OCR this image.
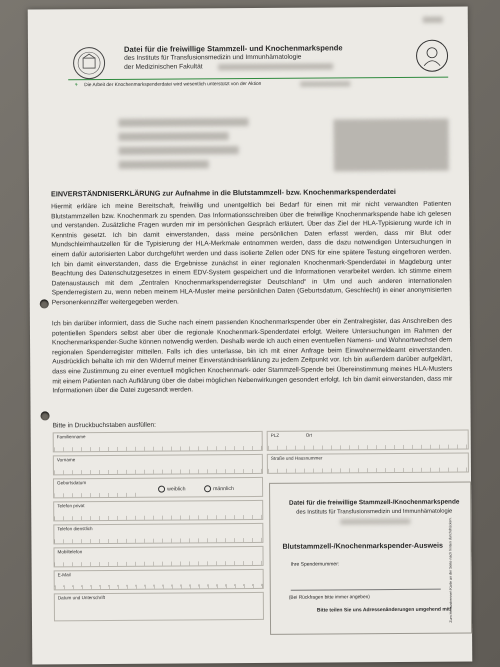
Datei für die freiwillige Stammzell- und Knochenmarkspende
des Instituts für Transfusionsmedizin und Immunhämatologie
der Medizinischen Fakultät
⚘ Die Arbeit der Knochenmarkspenderdatei wird wesentlich unterstützt von der Aktion
EINVERSTÄNDNISERKLÄRUNG zur Aufnahme in die Blutstammzell- bzw. Knochenmarkspenderdatei
Hiermit erkläre ich meine Bereitschaft, freiwillig und unentgeltlich bei Bedarf für einen mit mir nicht verwandten Patienten Blutstammzellen bzw. Knochenmark zu spenden. Das Informationsschreiben über die freiwillige Knochenmarkspende habe ich gelesen und verstanden. Zusätzliche Fragen wurden mir im persönlichen Gespräch erläutert. Über das Ziel der HLA-Typisierung wurde ich in Kenntnis gesetzt. Ich bin damit einverstanden, dass meine persönlichen Daten erfasst werden, dass mir Blut oder Mundschleimhautzellen für die Typisierung der HLA-Merkmale entnommen werden, dass die dazu notwendigen Untersuchungen in einem dafür autorisierten Labor durchgeführt werden und dass isolierte Zellen oder DNS für eine spätere Testung eingefroren werden. Ich bin damit einverstanden, dass die Ergebnisse zunächst in einer regionalen Knochenmark-Spenderdatei in Magdeburg unter Beachtung des Datenschutzgesetzes in einem EDV-System gespeichert und die Informationen verarbeitet werden. Ich stimme einem Datenaustausch mit dem „Zentralen Knochenmarkspenderregister Deutschland“ in Ulm und auch anderen internationalen Spenderregistern zu, wenn neben meinem HLA-Muster meine persönlichen Daten (Geburtsdatum, Geschlecht) in einer anonymisierten Personenkennziffer weitergegeben werden.
Ich bin darüber informiert, dass die Suche nach einem passenden Knochenmarkspender über ein Zentralregister, das Anschreiben des potentiellen Spenders selbst aber über die regionale Knochenmark-Spenderdatei erfolgt. Weitere Untersuchungen im Rahmen der Knochenmarkspender-Suche können notwendig werden. Deshalb werde ich auch einen eventuellen Namens- und Wohnortwechsel dem regionalen Spenderregister mitteilen. Falls ich dies unterlasse, bin ich mit einer Anfrage beim Einwohnermeldeamt einverstanden. Ausdrücklich behalte ich mir den Widerruf meiner Einverständniserklärung zu jedem Zeitpunkt vor. Ich bin außerdem darüber aufgeklärt, dass eine Zustimmung zu einer eventuell möglichen Knochenmark- oder Stammzell-Spende bei Übereinstimmung meines HLA-Musters mit einem Patienten nach Aufklärung über die dabei möglichen Nebenwirkungen gesondert erfolgt. Ich bin damit einverstanden, dass mir Informationen über die Datei zugesandt werden.
Bitte in Druckbuchstaben ausfüllen:
Familienname	PLZ	Ort
Vorname	Straße und Hausnummer
Geburtsdatum
weiblich	männlich
Telefon privat
Telefon dienstlich
Mobiltelefon
E-Mail
Datum und Unterschrift
Datei für die freiwillige Stammzell-/Knochenmarkspende
des Instituts für Transfusionsmedizin und Immunhämatologie
Blutstammzell-/Knochenmarkspender-Ausweis
Ihre Spendernummer:
(Bei Rückfragen bitte immer angeben)
Bitte teilen Sie uns Adressenänderungen umgehend mit!
Zum Heraustrennen Karte an der Seite nach hinten durchdrücken.
